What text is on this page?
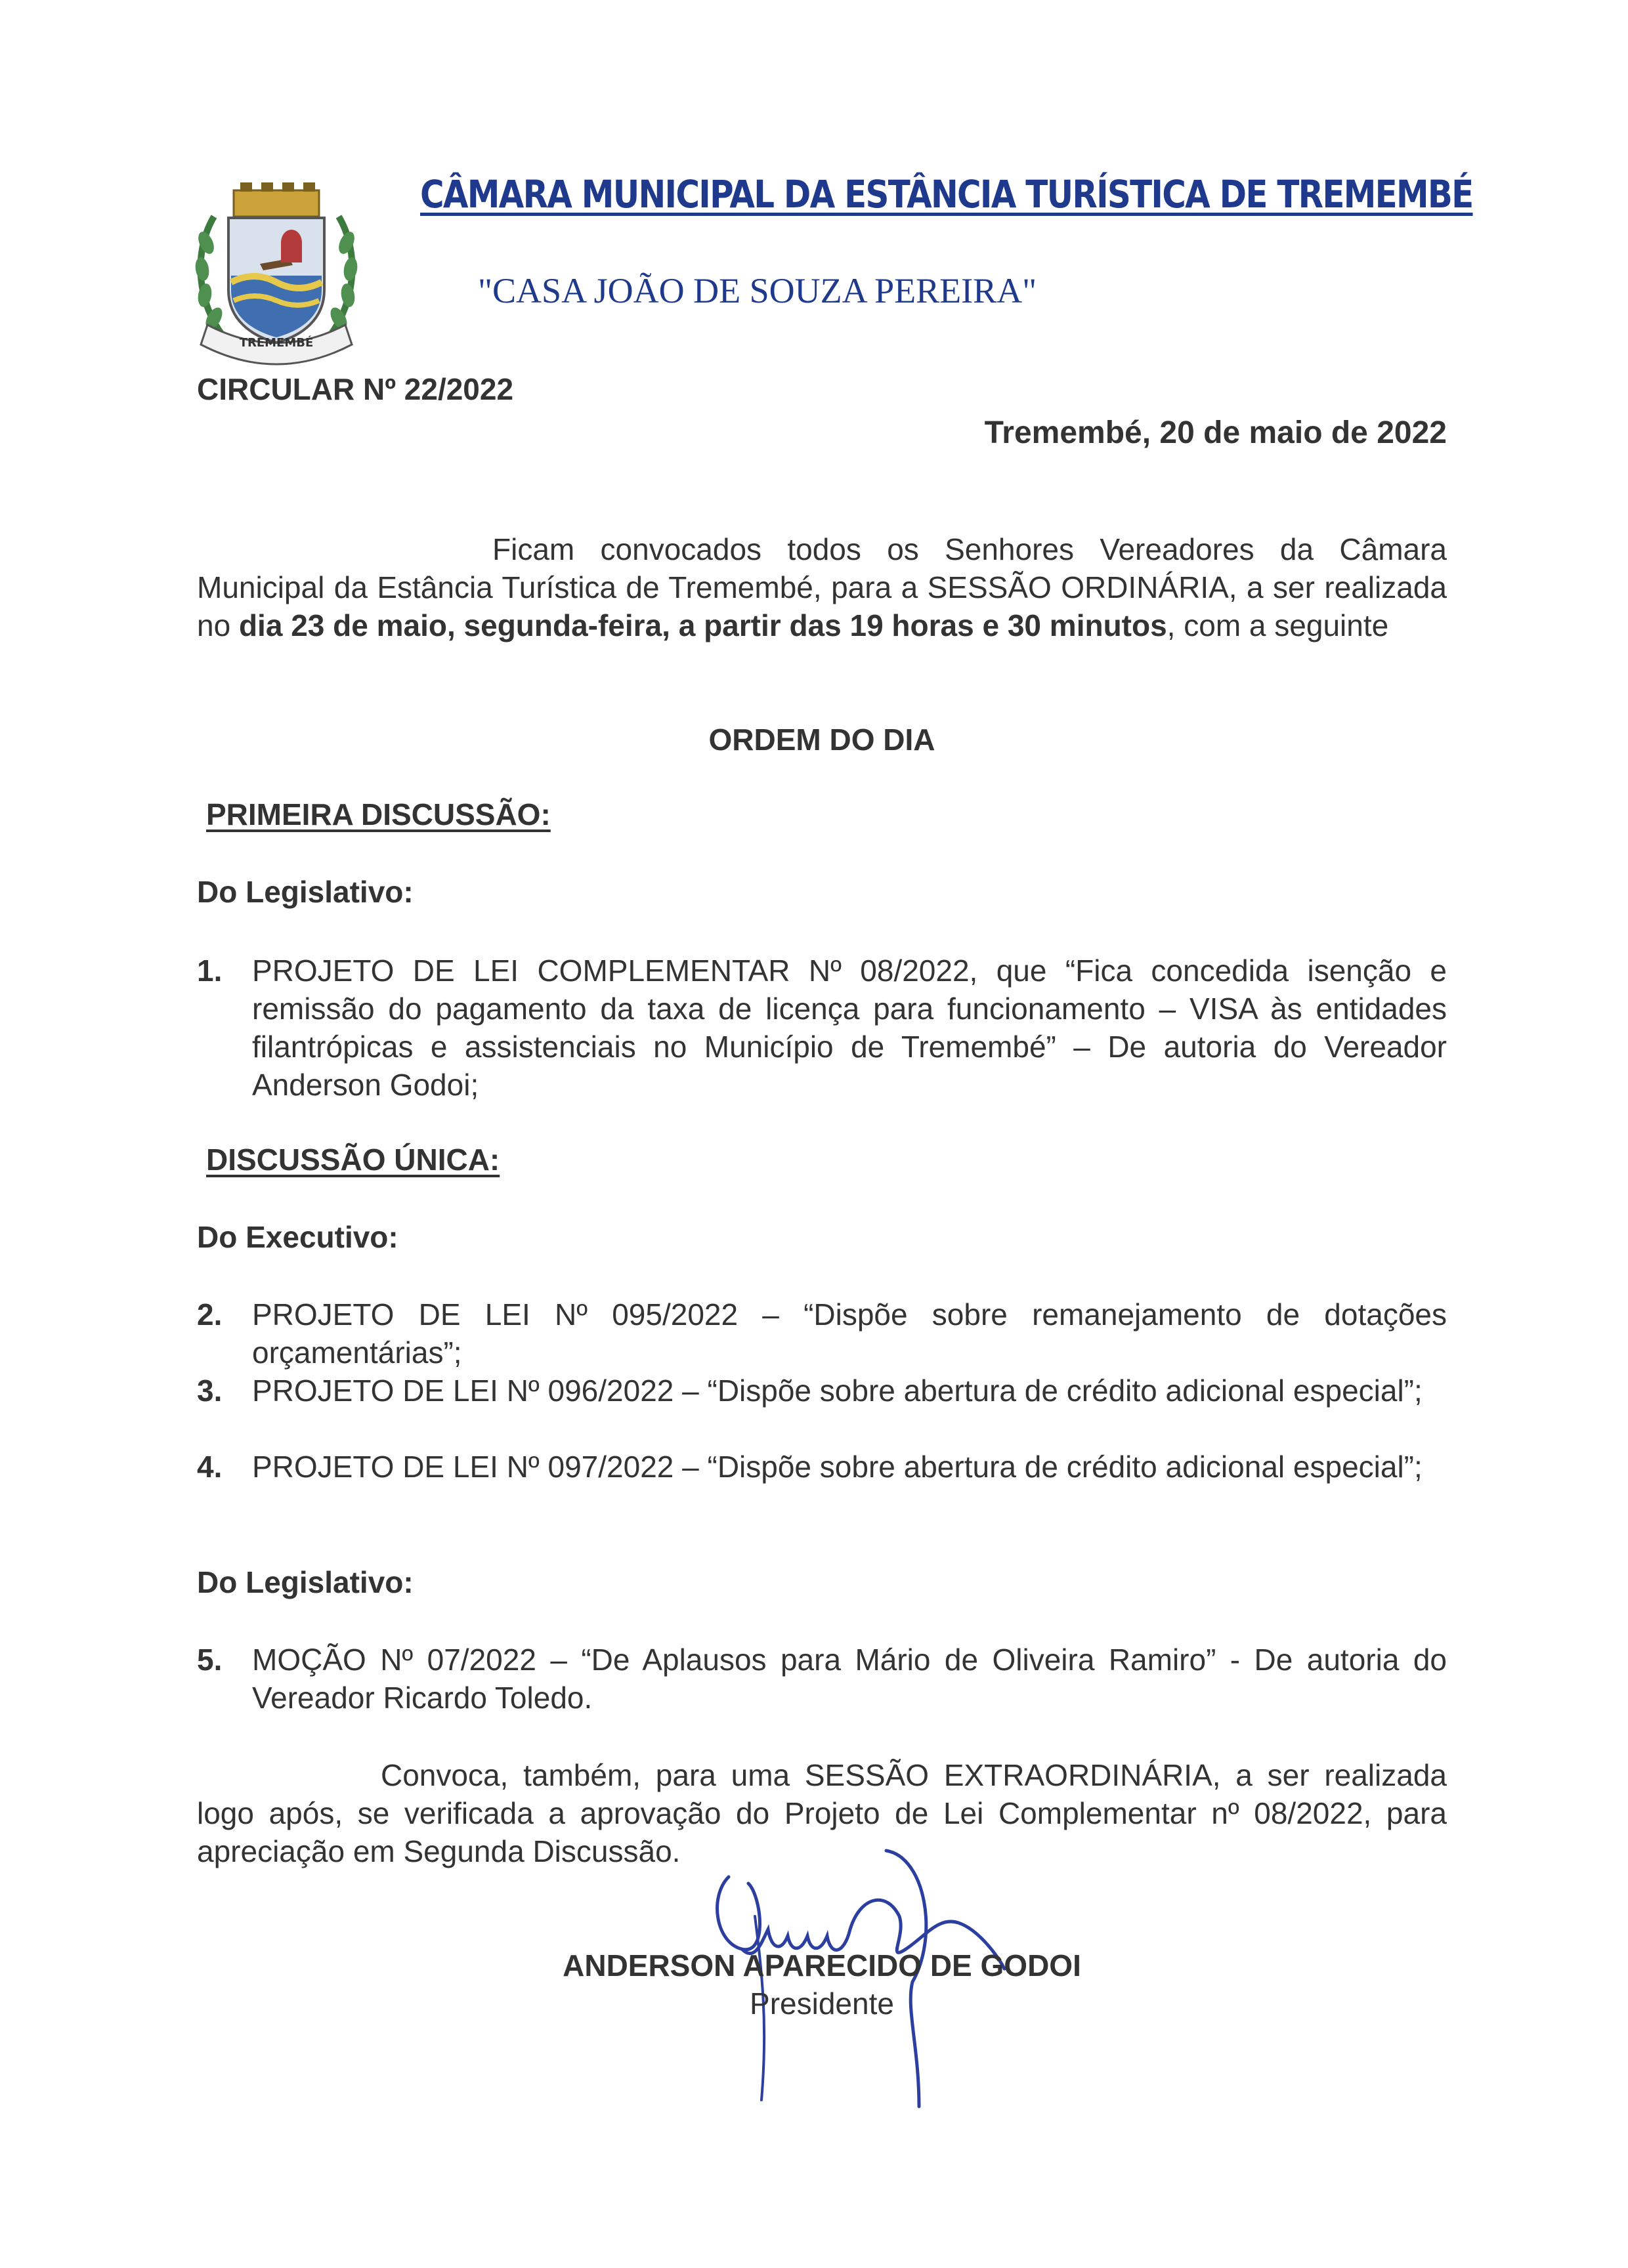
TREMEMBÉ
CÂMARA MUNICIPAL DA ESTÂNCIA TURÍSTICA DE TREMEMBÉ
"CASA JOÃO DE SOUZA PEREIRA"
CIRCULAR Nº 22/2022
Tremembé, 20 de maio de 2022
Ficam convocados todos os Senhores Vereadores da Câmara Municipal da Estância Turística de Tremembé, para a SESSÃO ORDINÁRIA, a ser realizada no dia 23 de maio, segunda-feira, a partir das 19 horas e 30 minutos, com a seguinte
ORDEM DO DIA
PRIMEIRA DISCUSSÃO:
Do Legislativo:
1. PROJETO DE LEI COMPLEMENTAR Nº 08/2022, que “Fica concedida isenção e remissão do pagamento da taxa de licença para funcionamento – VISA às entidades filantrópicas e assistenciais no Município de Tremembé” – De autoria do Vereador Anderson Godoi;
DISCUSSÃO ÚNICA:
Do Executivo:
2. PROJETO DE LEI Nº 095/2022 – “Dispõe sobre remanejamento de dotações orçamentárias”;
3. PROJETO DE LEI Nº 096/2022 – “Dispõe sobre abertura de crédito adicional especial”;
4. PROJETO DE LEI Nº 097/2022 – “Dispõe sobre abertura de crédito adicional especial”;
Do Legislativo:
5. MOÇÃO Nº 07/2022 – “De Aplausos para Mário de Oliveira Ramiro” - De autoria do Vereador Ricardo Toledo.
Convoca, também, para uma SESSÃO EXTRAORDINÁRIA, a ser realizada logo após, se verificada a aprovação do Projeto de Lei Complementar nº 08/2022, para apreciação em Segunda Discussão.
ANDERSON APARECIDO DE GODOI
Presidente
